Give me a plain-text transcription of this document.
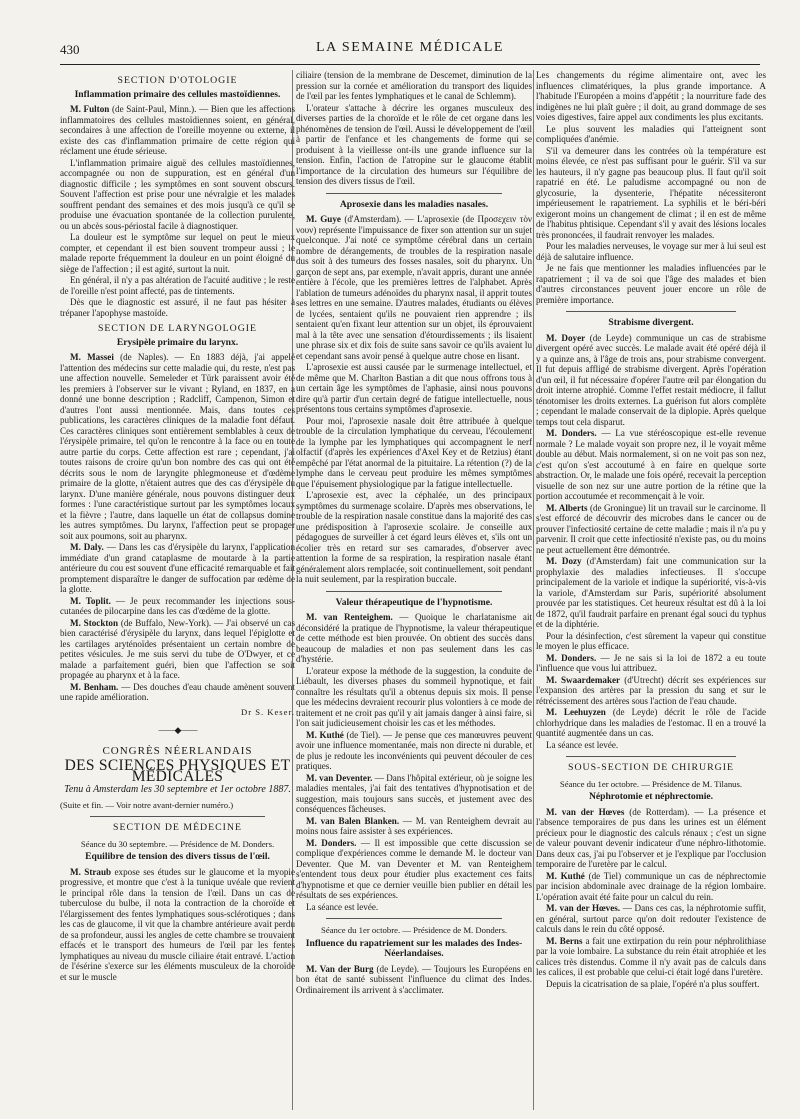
430	LA SEMAINE MÉDICALE
SECTION D'OTOLOGIE
Inflammation primaire des cellules mastoïdiennes.

M. Fulton (de Saint-Paul, Minn.). — Bien que les affections inflammatoires des cellules mastoïdiennes soient, en général, secondaires à une affection de l'oreille moyenne ou externe, il existe des cas d'inflammation primaire de cette région qui réclament une étude sérieuse.

L'inflammation primaire aiguë des cellules mastoïdiennes, accompagnée ou non de suppuration, est en général d'un diagnostic difficile ; les symptômes en sont souvent obscurs. Souvent l'affection est prise pour une névralgie et les malades souffrent pendant des semaines et des mois jusqu'à ce qu'il se produise une évacuation spontanée de la collection purulente, ou un abcès sous-périostal facile à diagnostiquer.

La douleur est le symptôme sur lequel on peut le mieux compter, et cependant il est bien souvent trompeur aussi ; le malade reporte fréquemment la douleur en un point éloigné du siège de l'affection ; il est agité, surtout la nuit.

En général, il n'y a pas altération de l'acuité auditive ; le reste de l'oreille n'est point affecté, pas de tintements.

Dès que le diagnostic est assuré, il ne faut pas hésiter à trépaner l'apophyse mastoïde.

SECTION DE LARYNGOLOGIE
Erysipèle primaire du larynx.

M. Massei (de Naples). — En 1883 déjà, j'ai appelé l'attention des médecins sur cette maladie qui, du reste, n'est pas une affection nouvelle. Semeleder et Türk paraissent avoir été les premiers à l'observer sur le vivant ; Ryland, en 1837, en a donné une bonne description ; Radcliff, Campenon, Simon et d'autres l'ont aussi mentionnée. Mais, dans toutes ces publications, les caractères cliniques de la maladie font défaut. Ces caractères cliniques sont entièrement semblables à ceux de l'érysipèle primaire, tel qu'on le rencontre à la face ou en toute autre partie du corps. Cette affection est rare ; cependant, j'ai toutes raisons de croire qu'un bon nombre des cas qui ont été décrits sous le nom de laryngite phlegmoneuse et d'œdème primaire de la glotte, n'étaient autres que des cas d'érysipèle du larynx. D'une manière générale, nous pouvons distinguer deux formes : l'une caractéristique surtout par les symptômes locaux et la fièvre ; l'autre, dans laquelle un état de collapsus domine les autres symptômes. Du larynx, l'affection peut se propager soit aux poumons, soit au pharynx.

M. Daly. — Dans les cas d'érysipèle du larynx, l'application immédiate d'un grand cataplasme de moutarde à la partie antérieure du cou est souvent d'une efficacité remarquable et fait promptement disparaître le danger de suffocation par œdème de la glotte.

M. Toplit. — Je peux recommander les injections sous-cutanées de pilocarpine dans les cas d'œdème de la glotte.

M. Stockton (de Buffalo, New-York). — J'ai observé un cas bien caractérisé d'érysipèle du larynx, dans lequel l'épiglotte et les cartilages aryténoïdes présentaient un certain nombre de petites vésicules. Je me suis servi du tube de O'Dwyer, et ce malade a parfaitement guéri, bien que l'affection se soit propagée au pharynx et à la face.

M. Benham. — Des douches d'eau chaude amènent souvent une rapide amélioration.

Dr S. Keser.
——◆——
CONGRÈS NÉERLANDAIS
DES SCIENCES PHYSIQUES ET MÉDICALES
Tenu à Amsterdam les 30 septembre et 1er octobre 1887.
(Suite et fin. — Voir notre avant-dernier numéro.)
SECTION DE MÉDECINE
Séance du 30 septembre. — Présidence de M. Donders.
Equilibre de tension des divers tissus de l'œil.

M. Straub expose ses études sur le glaucome et la myopie progressive, et montre que c'est à la tunique uvéale que revient le principal rôle dans la tension de l'œil. Dans un cas de tuberculose du bulbe, il nota la contraction de la choroïde et l'élargissement des fentes lymphatiques sous-sclérotiques ; dans les cas de glaucome, il vit que la chambre antérieure avait perdu de sa profondeur, aussi les angles de cette chambre se trouvaient effacés et le transport des humeurs de l'œil par les fentes lymphatiques au niveau du muscle ciliaire était entravé. L'action de l'ésérine s'exerce sur les éléments musculeux de la choroïde et sur le muscle

ciliaire (tension de la membrane de Descemet, diminution de la pression sur la cornée et amélioration du transport des liquides de l'œil par les fentes lymphatiques et le canal de Schlemm).

L'orateur s'attache à décrire les organes musculeux des diverses parties de la choroïde et le rôle de cet organe dans les phénomènes de tension de l'œil. Aussi le développement de l'œil à partir de l'enfance et les changements de forme qui se produisent à la vieillesse ont-ils une grande influence sur la tension. Enfin, l'action de l'atropine sur le glaucome établit l'importance de la circulation des humeurs sur l'équilibre de tension des divers tissus de l'œil.

Aprosexie dans les maladies nasales.

M. Guye (d'Amsterdam). — L'aprosexie (de Προσεχειν τὸν νουν) représente l'impuissance de fixer son attention sur un sujet quelconque. J'ai noté ce symptôme cérébral dans un certain nombre de dérangements, de troubles de la respiration nasale dus soit à des tumeurs des fosses nasales, soit du pharynx. Un garçon de sept ans, par exemple, n'avait appris, durant une année entière à l'école, que les premières lettres de l'alphabet. Après l'ablation de tumeurs adénoïdes du pharynx nasal, il apprit toutes ses lettres en une semaine. D'autres malades, étudiants ou élèves de lycées, sentaient qu'ils ne pouvaient rien apprendre ; ils sentaient qu'en fixant leur attention sur un objet, ils éprouvaient mal à la tête avec une sensation d'étourdissements ; ils lisaient une phrase six et dix fois de suite sans savoir ce qu'ils avaient lu et cependant sans avoir pensé à quelque autre chose en lisant.

L'aprosexie est aussi causée par le surmenage intellectuel, et de même que M. Charlton Bastian a dit que nous offrons tous à un certain âge les symptômes de l'aphasie, ainsi nous pouvons dire qu'à partir d'un certain degré de fatigue intellectuelle, nous présentons tous certains symptômes d'aprosexie.

Pour moi, l'aprosexie nasale doit être attribuée à quelque trouble de la circulation lymphatique du cerveau, l'écoulement de la lymphe par les lymphatiques qui accompagnent le nerf olfactif (d'après les expériences d'Axel Key et de Retzius) étant empêché par l'état anormal de la pituitaire. La rétention (?) de la lymphe dans le cerveau peut produire les mêmes symptômes que l'épuisement physiologique par la fatigue intellectuelle.

L'aprosexie est, avec la céphalée, un des principaux symptômes du surmenage scolaire. D'après mes observations, le trouble de la respiration nasale constitue dans la majorité des cas une prédisposition à l'aprosexie scolaire. Je conseille aux pédagogues de surveiller à cet égard leurs élèves et, s'ils ont un écolier très en retard sur ses camarades, d'observer avec attention la forme de sa respiration, la respiration nasale étant généralement alors remplacée, soit continuellement, soit pendant la nuit seulement, par la respiration buccale.

Valeur thérapeutique de l'hypnotisme.

M. van Renteighem. — Quoique le charlatanisme ait déconsidéré la pratique de l'hypnotisme, la valeur thérapeutique de cette méthode est bien prouvée. On obtient des succès dans beaucoup de maladies et non pas seulement dans les cas d'hystérie.

L'orateur expose la méthode de la suggestion, la conduite de Liébault, les diverses phases du sommeil hypnotique, et fait connaître les résultats qu'il a obtenus depuis six mois. Il pense que les médecins devraient recourir plus volontiers à ce mode de traitement et ne croit pas qu'il y ait jamais danger à ainsi faire, si l'on sait judicieusement choisir les cas et les méthodes.

M. Kuthé (de Tiel). — Je pense que ces manœuvres peuvent avoir une influence momentanée, mais non directe ni durable, et de plus je redoute les inconvénients qui peuvent découler de ces pratiques.

M. van Deventer. — Dans l'hôpital extérieur, où je soigne les maladies mentales, j'ai fait des tentatives d'hypnotisation et de suggestion, mais toujours sans succès, et justement avec des conséquences fâcheuses.

M. van Balen Blanken. — M. van Renteighem devrait au moins nous faire assister à ses expériences.

M. Donders. — Il est impossible que cette discussion se complique d'expériences comme le demande M. le docteur van Deventer. Que M. van Deventer et M. van Renteighem s'entendent tous deux pour étudier plus exactement ces faits d'hypnotisme et que ce dernier veuille bien publier en détail les résultats de ses expériences.

La séance est levée.

Séance du 1er octobre. — Présidence de M. Donders.
Influence du rapatriement sur les malades des Indes-Néerlandaises.

M. Van der Burg (de Leyde). — Toujours les Européens en bon état de santé subissent l'influence du climat des Indes. Ordinairement ils arrivent à s'acclimater.

Les changements du régime alimentaire ont, avec les influences climatériques, la plus grande importance. A l'habitude l'Européen a moins d'appétit ; la nourriture fade des indigènes ne lui plaît guère ; il doit, au grand dommage de ses voies digestives, faire appel aux condiments les plus excitants.

Le plus souvent les maladies qui l'atteignent sont compliquées d'anémie.

S'il va demeurer dans les contrées où la température est moins élevée, ce n'est pas suffisant pour le guérir. S'il va sur les hauteurs, il n'y gagne pas beaucoup plus. Il faut qu'il soit rapatrié en été. Le paludisme accompagné ou non de glycosurie, la dysenterie, l'hépatite nécessiteront impérieusement le rapatriement. La syphilis et le béri-béri exigeront moins un changement de climat ; il en est de même de l'habitus phtisique. Cependant s'il y avait des lésions locales très prononcées, il faudrait renvoyer les malades.

Pour les maladies nerveuses, le voyage sur mer à lui seul est déjà de salutaire influence.

Je ne fais que mentionner les maladies influencées par le rapatriement ; il va de soi que l'âge des malades et bien d'autres circonstances peuvent jouer encore un rôle de première importance.

Strabisme divergent.

M. Doyer (de Leyde) communique un cas de strabisme divergent opéré avec succès. Le malade avait été opéré déjà il y a quinze ans, à l'âge de trois ans, pour strabisme convergent. Il fut depuis affligé de strabisme divergent. Après l'opération d'un œil, il fut nécessaire d'opérer l'autre œil par élongation du droit interne atrophié. Comme l'effet restait médiocre, il fallut ténotomiser les droits externes. La guérison fut alors complète ; cependant le malade conservait de la diplopie. Après quelque temps tout cela disparut.

M. Donders. — La vue stéréoscopique est-elle revenue normale ? Le malade voyait son propre nez, il le voyait même double au début. Mais normalement, si on ne voit pas son nez, c'est qu'on s'est accoutumé à en faire en quelque sorte abstraction. Or, le malade une fois opéré, recevait la perception visuelle de son nez sur une autre portion de la rétine que la portion accoutumée et recommençait à le voir.

M. Alberts (de Groningue) lit un travail sur le carcinome. Il s'est efforcé de découvrir des microbes dans le cancer ou de prouver l'infectiosité certaine de cette maladie ; mais il n'a pu y parvenir. Il croit que cette infectiosité n'existe pas, ou du moins ne peut actuellement être démontrée.

M. Dozy (d'Amsterdam) fait une communication sur la prophylaxie des maladies infectieuses. Il s'occupe principalement de la variole et indique la supériorité, vis-à-vis la variole, d'Amsterdam sur Paris, supériorité absolument prouvée par les statistiques. Cet heureux résultat est dû à la loi de 1872, qu'il faudrait parfaire en prenant égal souci du typhus et de la diphtérie.

Pour la désinfection, c'est sûrement la vapeur qui constitue le moyen le plus efficace.

M. Donders. — Je ne sais si la loi de 1872 a eu toute l'influence que vous lui attribuez.

M. Swaardemaker (d'Utrecht) décrit ses expériences sur l'expansion des artères par la pression du sang et sur le rétrécissement des artères sous l'action de l'eau chaude.

M. Leehuyzen (de Leyde) décrit le rôle de l'acide chlorhydrique dans les maladies de l'estomac. Il en a trouvé la quantité augmentée dans un cas.

La séance est levée.

SOUS-SECTION DE CHIRURGIE
Séance du 1er octobre. — Présidence de M. Tilanus.
Néphrotomie et néphrectomie.

M. van der Hœves (de Rotterdam). — La présence et l'absence temporaires de pus dans les urines est un élément précieux pour le diagnostic des calculs rénaux ; c'est un signe de valeur pouvant devenir indicateur d'une néphro-lithotomie. Dans deux cas, j'ai pu l'observer et je l'explique par l'occlusion temporaire de l'uretère par le calcul.

M. Kuthé (de Tiel) communique un cas de néphrectomie par incision abdominale avec drainage de la région lombaire. L'opération avait été faite pour un calcul du rein.

M. van der Hœves. — Dans ces cas, la néphrotomie suffit, en général, surtout parce qu'on doit redouter l'existence de calculs dans le rein du côté opposé.

M. Berns a fait une extirpation du rein pour néphrolithiase par la voie lombaire. La substance du rein était atrophiée et les calices très distendus. Comme il n'y avait pas de calculs dans les calices, il est probable que celui-ci était logé dans l'uretère.

Depuis la cicatrisation de sa plaie, l'opéré n'a plus souffert.
